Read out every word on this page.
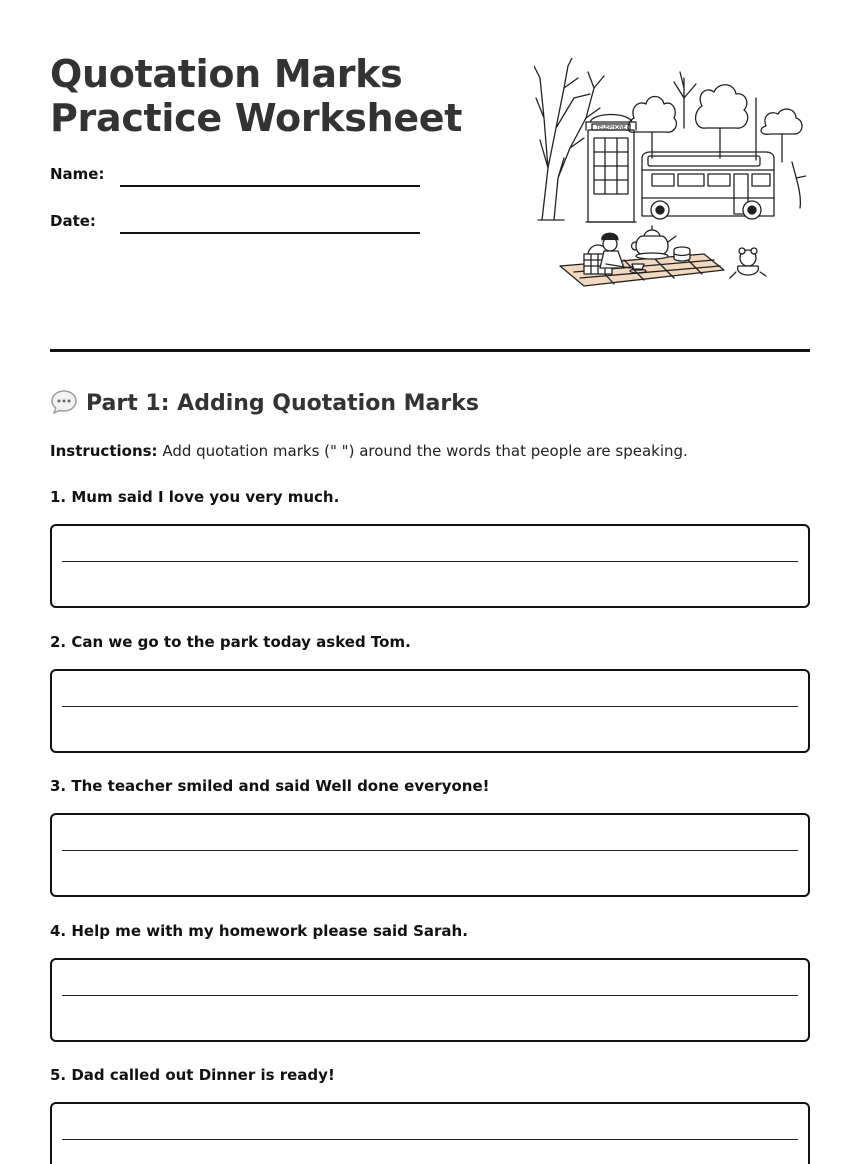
Quotation Marks
Practice Worksheet
Name:
Date:
TELEPHONE
Part 1: Adding Quotation Marks
Instructions: Add quotation marks (" ") around the words that people are speaking.
1. Mum said I love you very much.
2. Can we go to the park today asked Tom.
3. The teacher smiled and said Well done everyone!
4. Help me with my homework please said Sarah.
5. Dad called out Dinner is ready!
